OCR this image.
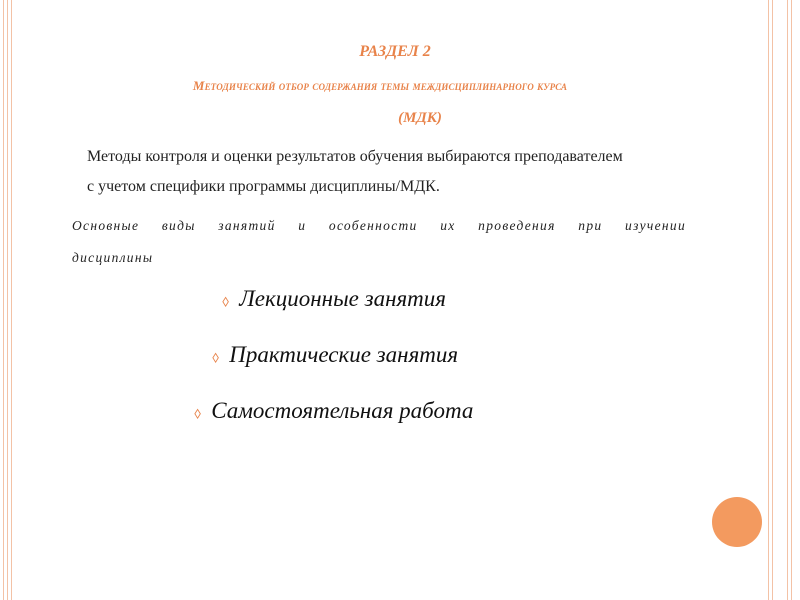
РАЗДЕЛ 2
Методический отбор содержания темы междисциплинарного курса
(МДК)
Методы контроля и оценки результатов обучения выбираются преподавателем
с учетом специфики программы дисциплины/МДК.
Основные виды занятий и особенности их проведения при изучении
дисциплины
⬨ Лекционные занятия
⬨ Практические занятия
⬨ Самостоятельная работа
